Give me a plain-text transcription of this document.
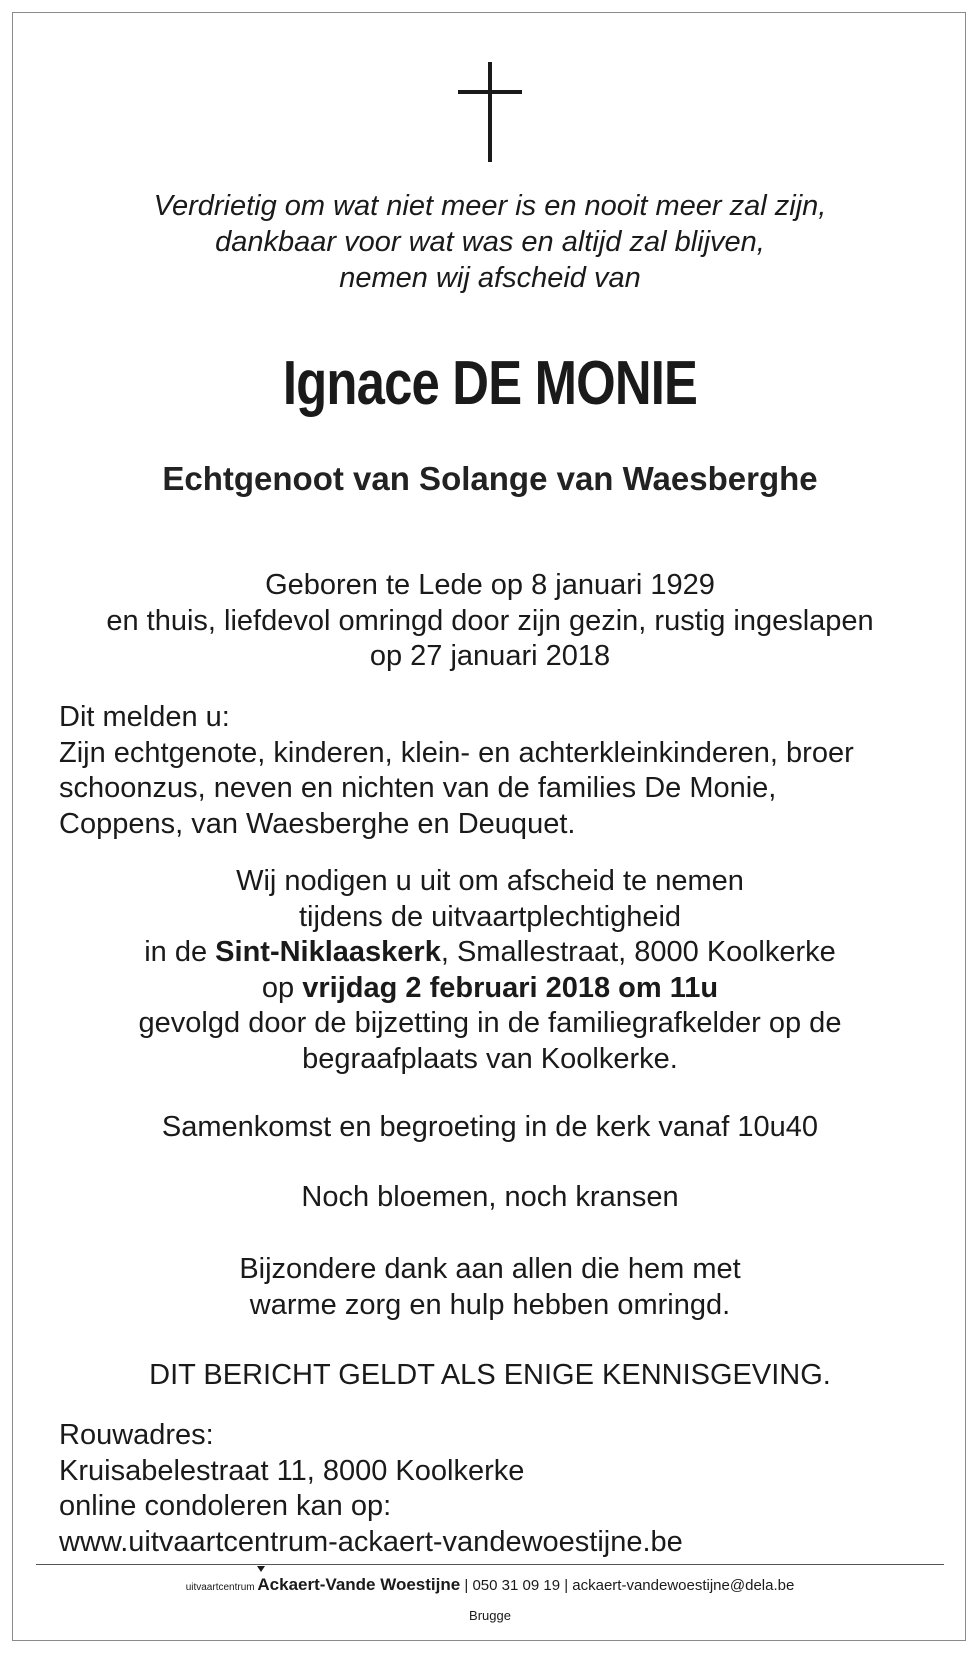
Verdrietig om wat niet meer is en nooit meer zal zijn,
dankbaar voor wat was en altijd zal blijven,
nemen wij afscheid van
Ignace DE MONIE
Echtgenoot van Solange van Waesberghe
Geboren te Lede op 8 januari 1929
en thuis, liefdevol omringd door zijn gezin, rustig ingeslapen
op 27 januari 2018
Dit melden u:
Zijn echtgenote, kinderen, klein- en achterkleinkinderen, broer
schoonzus, neven en nichten van de families De Monie,
Coppens, van Waesberghe en Deuquet.
Wij nodigen u uit om afscheid te nemen
tijdens de uitvaartplechtigheid
in de Sint-Niklaaskerk, Smallestraat, 8000 Koolkerke
op vrijdag 2 februari 2018 om 11u
gevolgd door de bijzetting in de familiegrafkelder op de
begraafplaats van Koolkerke.
Samenkomst en begroeting in de kerk vanaf 10u40
Noch bloemen, noch kransen
Bijzondere dank aan allen die hem met
warme zorg en hulp hebben omringd.
DIT BERICHT GELDT ALS ENIGE KENNISGEVING.
Rouwadres:
Kruisabelestraat 11, 8000 Koolkerke
online condoleren kan op:
www.uitvaartcentrum-ackaert-vandewoestijne.be
uitvaartcentrum
Ackaert-Vande Woestijne | 050 31 09 19 | ackaert-vandewoestijne@dela.be
Brugge
